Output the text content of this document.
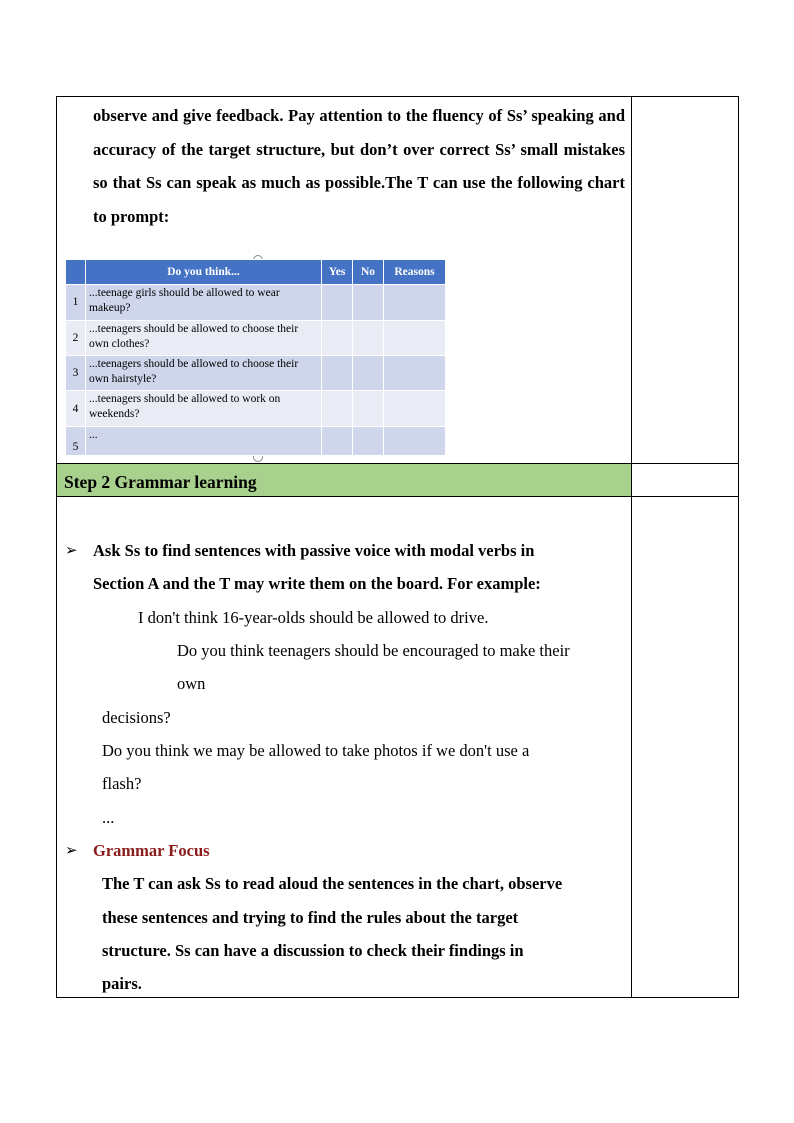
observe and give feedback. Pay attention to the fluency of Ss’ speaking and accuracy of the target structure, but don’t over correct Ss’ small mistakes so that Ss can speak as much as possible.The T can use the following chart to prompt:

	Do you think...	Yes	No	Reasons
1	...teenage girls should be allowed to wear makeup?			
2	...teenagers should be allowed to choose their own clothes?			
3	...teenagers should be allowed to choose their own hairstyle?			
4	...teenagers should be allowed to work on weekends?			
5	...			

Step 2 Grammar learning

➢ Ask Ss to find sentences with passive voice with modal verbs in

Section A and the T may write them on the board. For example:

I don't think 16-year-olds should be allowed to drive.

Do you think teenagers should be encouraged to make their

own

decisions?

Do you think we may be allowed to take photos if we don't use a

flash?

...

➢ Grammar Focus

The T can ask Ss to read aloud the sentences in the chart, observe

these sentences and trying to find the rules about the target

structure. Ss can have a discussion to check their findings in

pairs.
